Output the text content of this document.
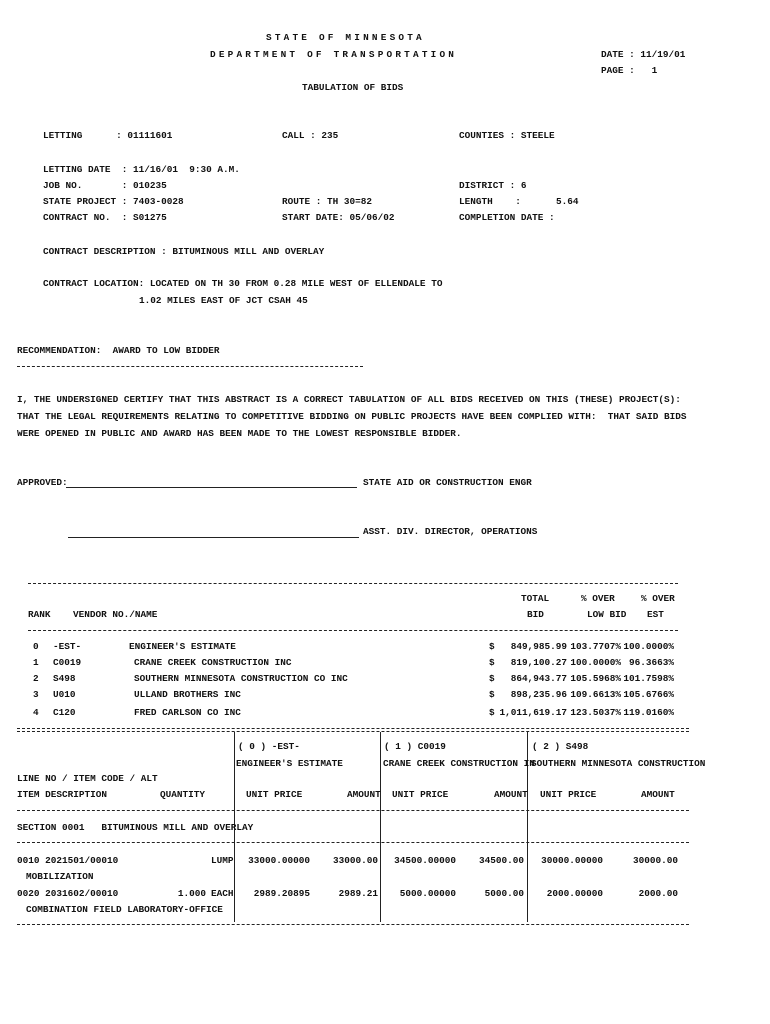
STATE OF MINNESOTA
DEPARTMENT OF TRANSPORTATION	DATE : 11/19/01
PAGE :   1
TABULATION OF BIDS
LETTING      : 01111601	CALL : 235	COUNTIES : STEELE
LETTING DATE  : 11/16/01  9:30 A.M.
JOB NO.       : 010235	DISTRICT : 6
STATE PROJECT : 7403-0028	ROUTE : TH 30=82	LENGTH    :	5.64
CONTRACT NO.  : S01275	START DATE: 05/06/02	COMPLETION DATE :
CONTRACT DESCRIPTION : BITUMINOUS MILL AND OVERLAY
CONTRACT LOCATION: LOCATED ON TH 30 FROM 0.28 MILE WEST OF ELLENDALE TO
1.02 MILES EAST OF JCT CSAH 45
RECOMMENDATION:  AWARD TO LOW BIDDER
I, THE UNDERSIGNED CERTIFY THAT THIS ABSTRACT IS A CORRECT TABULATION OF ALL BIDS RECEIVED ON THIS (THESE) PROJECT(S):
THAT THE LEGAL REQUIREMENTS RELATING TO COMPETITIVE BIDDING ON PUBLIC PROJECTS HAVE BEEN COMPLIED WITH:  THAT SAID BIDS
WERE OPENED IN PUBLIC AND AWARD HAS BEEN MADE TO THE LOWEST RESPONSIBLE BIDDER.
APPROVED:	STATE AID OR CONSTRUCTION ENGR
ASST. DIV. DIRECTOR, OPERATIONS
TOTAL	% OVER	% OVER
RANK VENDOR NO./NAME	BID	LOW BID EST
0 -EST-	ENGINEER'S ESTIMATE	$	849,985.99 103.7707% 100.0000%
1 C0019	CRANE CREEK CONSTRUCTION INC	$	819,100.27 100.0000% 96.3663%
2 S498	SOUTHERN MINNESOTA CONSTRUCTION CO INC	$	864,943.77 105.5968% 101.7598%
3 U010	ULLAND BROTHERS INC	$	898,235.96 109.6613% 105.6766%
4 C120	FRED CARLSON CO INC	$ 1,011,619.17 123.5037% 119.0160%
( 0 ) -EST-
ENGINEER'S ESTIMATE
( 1 ) C0019
CRANE CREEK CONSTRUCTION IN
( 2 ) S498
SOUTHERN MINNESOTA CONSTRUCTION
LINE NO / ITEM CODE / ALT
ITEM DESCRIPTION	QUANTITY	UNIT PRICE	AMOUNT UNIT PRICE	AMOUNT UNIT PRICE	AMOUNT
SECTION 0001   BITUMINOUS MILL AND OVERLAY
0010 2021501/00010	LUMP
MOBILIZATION
33000.00000	33000.00	34500.00000	34500.00	30000.00000	30000.00
0020 2031602/00010	1.000 EACH
COMBINATION FIELD LABORATORY-OFFICE
2989.20895	2989.21	5000.00000	5000.00	2000.00000	2000.00
